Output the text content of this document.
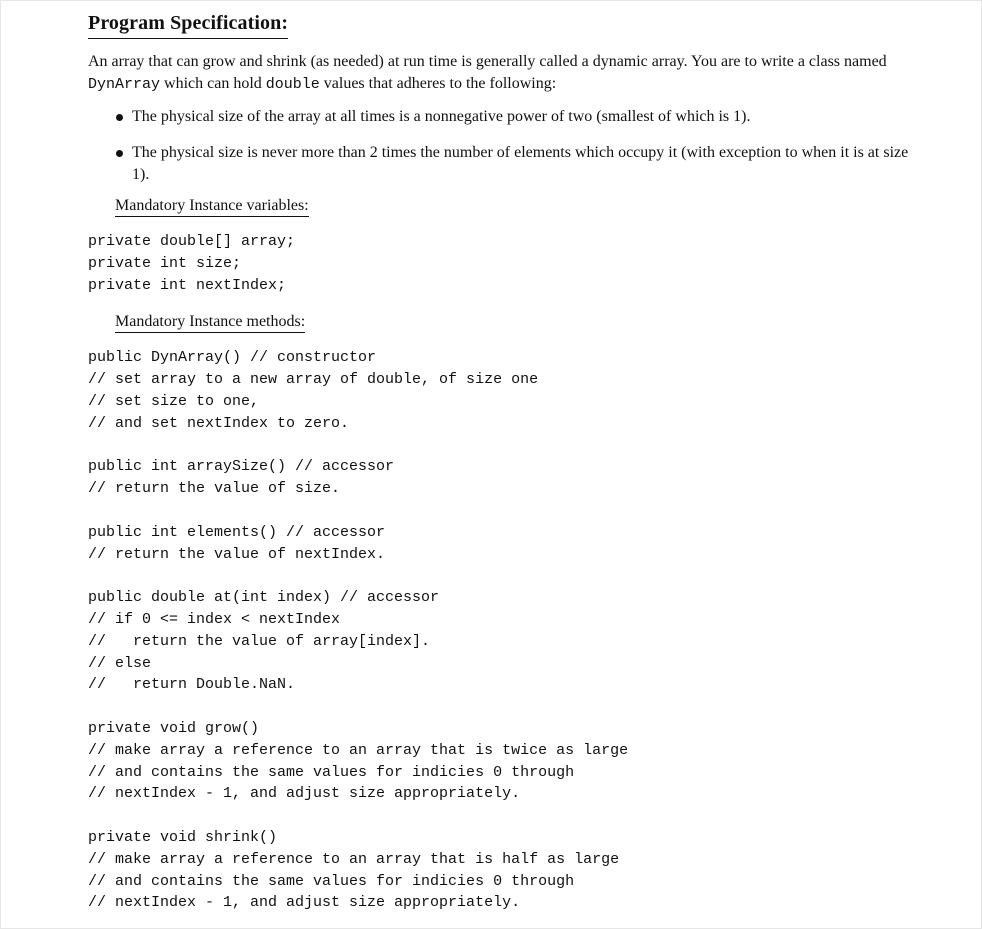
Program Specification:

An array that can grow and shrink (as needed) at run time is generally called a dynamic array. You are to write a class named DynArray which can hold double values that adheres to the following:

The physical size of the array at all times is a nonnegative power of two (smallest of which is 1).
The physical size is never more than 2 times the number of elements which occupy it (with exception to when it is at size 1).
Mandatory Instance variables:
private double[] array;
private int size;
private int nextIndex;
Mandatory Instance methods:
public DynArray() // constructor
// set array to a new array of double, of size one
// set size to one,
// and set nextIndex to zero.
public int arraySize() // accessor
// return the value of size.
public int elements() // accessor
// return the value of nextIndex.
public double at(int index) // accessor
// if 0 <= index < nextIndex
//   return the value of array[index].
// else
//   return Double.NaN.
private void grow()
// make array a reference to an array that is twice as large
// and contains the same values for indicies 0 through
// nextIndex - 1, and adjust size appropriately.
private void shrink()
// make array a reference to an array that is half as large
// and contains the same values for indicies 0 through
// nextIndex - 1, and adjust size appropriately.
